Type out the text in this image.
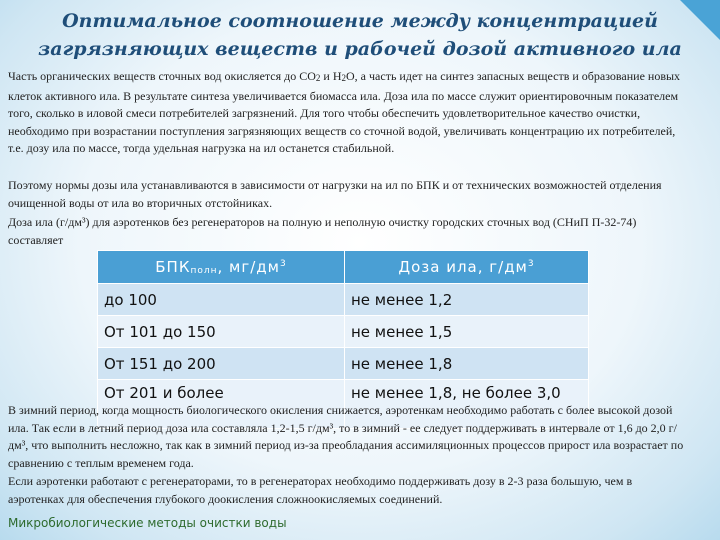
Оптимальное соотношение между концентрацией
загрязняющих веществ и рабочей дозой активного ила
Часть органических веществ сточных вод окисляется до СО2 и Н2О, а часть идет на синтез запасных веществ и образование новых клеток активного ила. В результате синтеза увеличивается биомасса ила. Доза ила по массе служит ориентировочным показателем того, сколько в иловой смеси потребителей загрязнений. Для того чтобы обеспечить удовлетворительное качество очистки, необходимо при возрастании поступления загрязняющих веществ со сточной водой, увеличивать концентрацию их потребителей, т.е. дозу ила по массе, тогда удельная нагрузка на ил останется стабильной.
Поэтому нормы дозы ила устанавливаются в зависимости от нагрузки на ил по БПК и от технических возможностей отделения очищенной воды от ила во вторичных отстойниках.
Доза ила (г/дм³) для аэротенков без регенераторов на полную и неполную очистку городских сточных вод (СНиП П-32-74) составляет
БПКполн, $мг/дм^3$	Доза ила, $г/дм^3$
до 100	не менее 1,2
От 101 до 150	не менее 1,5
От 151 до 200	не менее 1,8
От 201 и более	не менее 1,8, не более 3,0
В зимний период, когда мощность биологического окисления снижается, аэротенкам необходимо работать с более высокой дозой ила. Так если в летний период доза ила составляла 1,2-1,5 г/дм³, то в зимний - ее следует поддерживать в интервале от 1,6 до 2,0 г/дм³, что выполнить несложно, так как в зимний период из-за преобладания ассимиляционных процессов прирост ила возрастает по сравнению с теплым временем года.
Если аэротенки работают с регенераторами, то в регенераторах необходимо поддерживать дозу в 2-3 раза большую, чем в аэротенках для обеспечения глубокого доокисления сложноокисляемых соединений.
Микробиологические методы очистки воды
